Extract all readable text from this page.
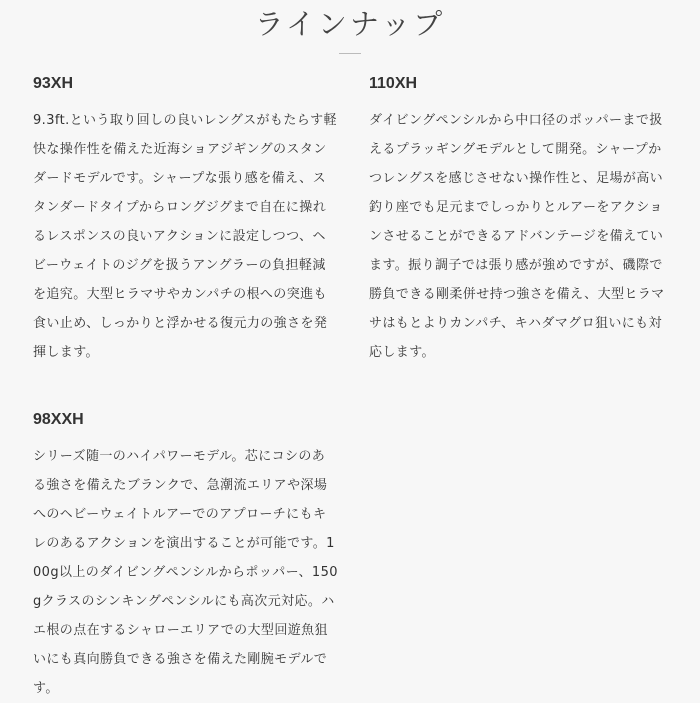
ラインナップ
93XH

9.3ft.という取り回しの良いレングスがもたらす軽快な操作性を備えた近海ショアジギングのスタンダードモデルです。シャープな張り感を備え、スタンダードタイプからロングジグまで自在に操れるレスポンスの良いアクションに設定しつつ、ヘビーウェイトのジグを扱うアングラーの負担軽減を追究。大型ヒラマサやカンパチの根への突進も食い止め、しっかりと浮かせる復元力の強さを発揮します。

110XH

ダイビングペンシルから中口径のポッパーまで扱えるプラッギングモデルとして開発。シャープかつレングスを感じさせない操作性と、足場が高い釣り座でも足元までしっかりとルアーをアクションさせることができるアドバンテージを備えています。振り調子では張り感が強めですが、磯際で勝負できる剛柔併せ持つ強さを備え、大型ヒラマサはもとよりカンパチ、キハダマグロ狙いにも対応します。

98XXH

シリーズ随一のハイパワーモデル。芯にコシのある強さを備えたブランクで、急潮流エリアや深場へのヘビーウェイトルアーでのアプローチにもキレのあるアクションを演出することが可能です。100g以上のダイビングペンシルからポッパー、150gクラスのシンキングペンシルにも高次元対応。ハエ根の点在するシャローエリアでの大型回遊魚狙いにも真向勝負できる強さを備えた剛腕モデルです。
